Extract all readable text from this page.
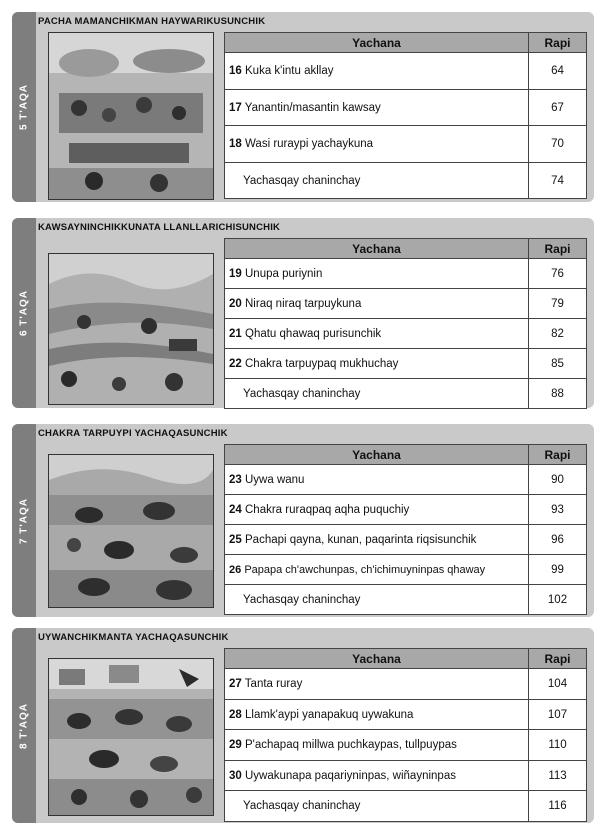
5 T'AQA
PACHA MAMANCHIKMAN HAYWARIKUSUNCHIK
Yachana	Rapi
16 Kuka k'intu akllay	64
17 Yanantin/masantin kawsay	67
18 Wasi ruraypi yachaykuna	70
Yachasqay chaninchay	74
6 T'AQA
KAWSAYNINCHIKKUNATA LLANLLARICHISUNCHIK
Yachana	Rapi
19 Unupa puriynin	76
20 Niraq niraq tarpuykuna	79
21 Qhatu qhawaq purisunchik	82
22 Chakra tarpuypaq mukhuchay	85
Yachasqay chaninchay	88
7 T'AQA
CHAKRA TARPUYPI YACHAQASUNCHIK
Yachana	Rapi
23 Uywa wanu	90
24 Chakra ruraqpaq aqha puquchiy	93
25 Pachapi qayna, kunan, paqarinta riqsisunchik	96
26 Papapa ch'awchunpas, ch'ichimuyninpas qhaway	99
Yachasqay chaninchay	102
8 T'AQA
UYWANCHIKMANTA YACHAQASUNCHIK
Yachana	Rapi
27 Tanta ruray	104
28 Llamk'aypi yanapakuq uywakuna	107
29 P'achapaq millwa puchkaypas, tullpuypas	110
30 Uywakunapa paqariyninpas, wiñayninpas	113
Yachasqay chaninchay	116
